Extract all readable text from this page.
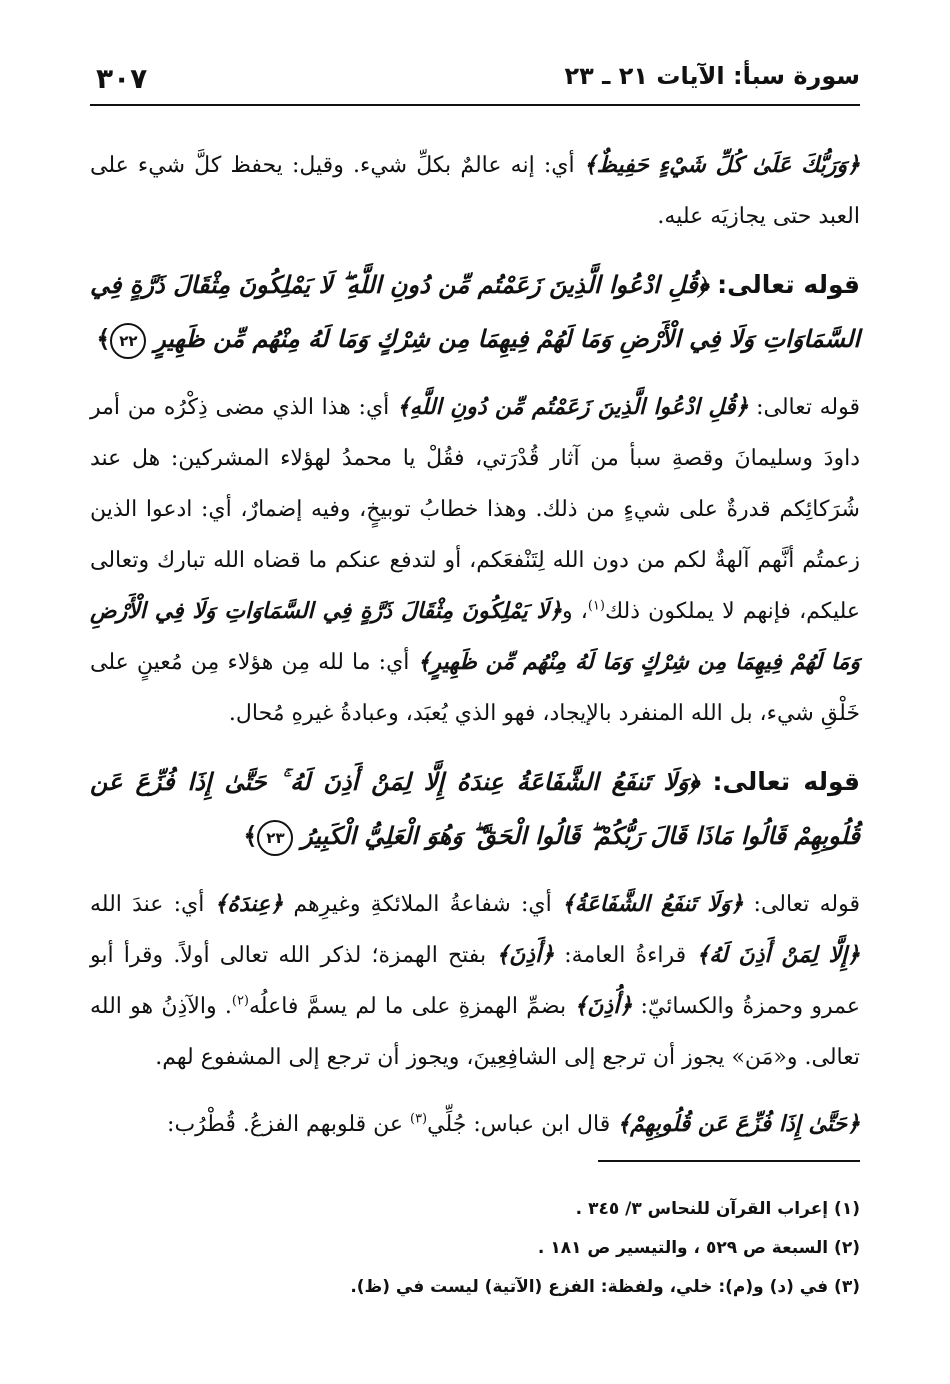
سورة سبأ: الآيات ٢١ ـ ٢٣
٣٠٧

﴿وَرَبُّكَ عَلَىٰ كُلِّ شَيْءٍ حَفِيظٌ﴾ أي: إنه عالمٌ بكلِّ شيء. وقيل: يحفظ كلَّ شيء على العبد حتى يجازيَه عليه.

قوله تعالى: ﴿قُلِ ادْعُوا الَّذِينَ زَعَمْتُم مِّن دُونِ اللَّهِ ۖ لَا يَمْلِكُونَ مِثْقَالَ ذَرَّةٍ فِي السَّمَاوَاتِ وَلَا فِي الْأَرْضِ وَمَا لَهُمْ فِيهِمَا مِن شِرْكٍ وَمَا لَهُ مِنْهُم مِّن ظَهِيرٍ ٢٢﴾

قوله تعالى: ﴿قُلِ ادْعُوا الَّذِينَ زَعَمْتُم مِّن دُونِ اللَّهِ﴾ أي: هذا الذي مضى ذِكْرُه من أمر داودَ وسليمانَ وقصةِ سبأ من آثار قُدْرَتي، فقُلْ يا محمدُ لهؤلاء المشركين: هل عند شُرَكائِكم قدرةٌ على شيءٍ من ذلك. وهذا خطابُ توبيخٍ، وفيه إضمارٌ، أي: ادعوا الذين زعمتُم أنَّهم آلهةٌ لكم من دون الله لِتَنْفعَكم، أو لتدفع عنكم ما قضاه الله تبارك وتعالى عليكم، فإنهم لا يملكون ذلك$^{(١)}$، و﴿لَا يَمْلِكُونَ مِثْقَالَ ذَرَّةٍ فِي السَّمَاوَاتِ وَلَا فِي الْأَرْضِ وَمَا لَهُمْ فِيهِمَا مِن شِرْكٍ وَمَا لَهُ مِنْهُم مِّن ظَهِيرٍ﴾ أي: ما لله مِن هؤلاء مِن مُعينٍ على خَلْقِ شيء، بل الله المنفرد بالإيجاد، فهو الذي يُعبَد، وعبادةُ غيرهِ مُحال.

قوله تعالى: ﴿وَلَا تَنفَعُ الشَّفَاعَةُ عِندَهُ إِلَّا لِمَنْ أَذِنَ لَهُ ۚ حَتَّىٰ إِذَا فُزِّعَ عَن قُلُوبِهِمْ قَالُوا مَاذَا قَالَ رَبُّكُمْ ۖ قَالُوا الْحَقَّ ۖ وَهُوَ الْعَلِيُّ الْكَبِيرُ ٢٣﴾

قوله تعالى: ﴿وَلَا تَنفَعُ الشَّفَاعَةُ﴾ أي: شفاعةُ الملائكةِ وغيرِهم ﴿عِندَهُ﴾ أي: عندَ الله ﴿إِلَّا لِمَنْ أَذِنَ لَهُ﴾ قراءةُ العامة: ﴿أَذِنَ﴾ بفتح الهمزة؛ لذكر الله تعالى أولاً. وقرأ أبو عمرو وحمزةُ والكسائيّ: ﴿أُذِنَ﴾ بضمِّ الهمزةِ على ما لم يسمَّ فاعلُه$^{(٢)}$. والآذِنُ هو الله تعالى. و«مَن» يجوز أن ترجع إلى الشافِعِينَ، ويجوز أن ترجع إلى المشفوع لهم.

﴿حَتَّىٰ إِذَا فُزِّعَ عَن قُلُوبِهِمْ﴾ قال ابن عباس: جُلِّي$^{(٣)}$ عن قلوبهم الفزعُ. قُطْرُب:

(١) إعراب القرآن للنحاس ٣/ ٣٤٥ .

(٢) السبعة ص ٥٢٩ ، والتيسير ص ١٨١ .

(٣) في (د) و(م): خلي، ولفظة: الفزع (الآتية) ليست في (ظ).
